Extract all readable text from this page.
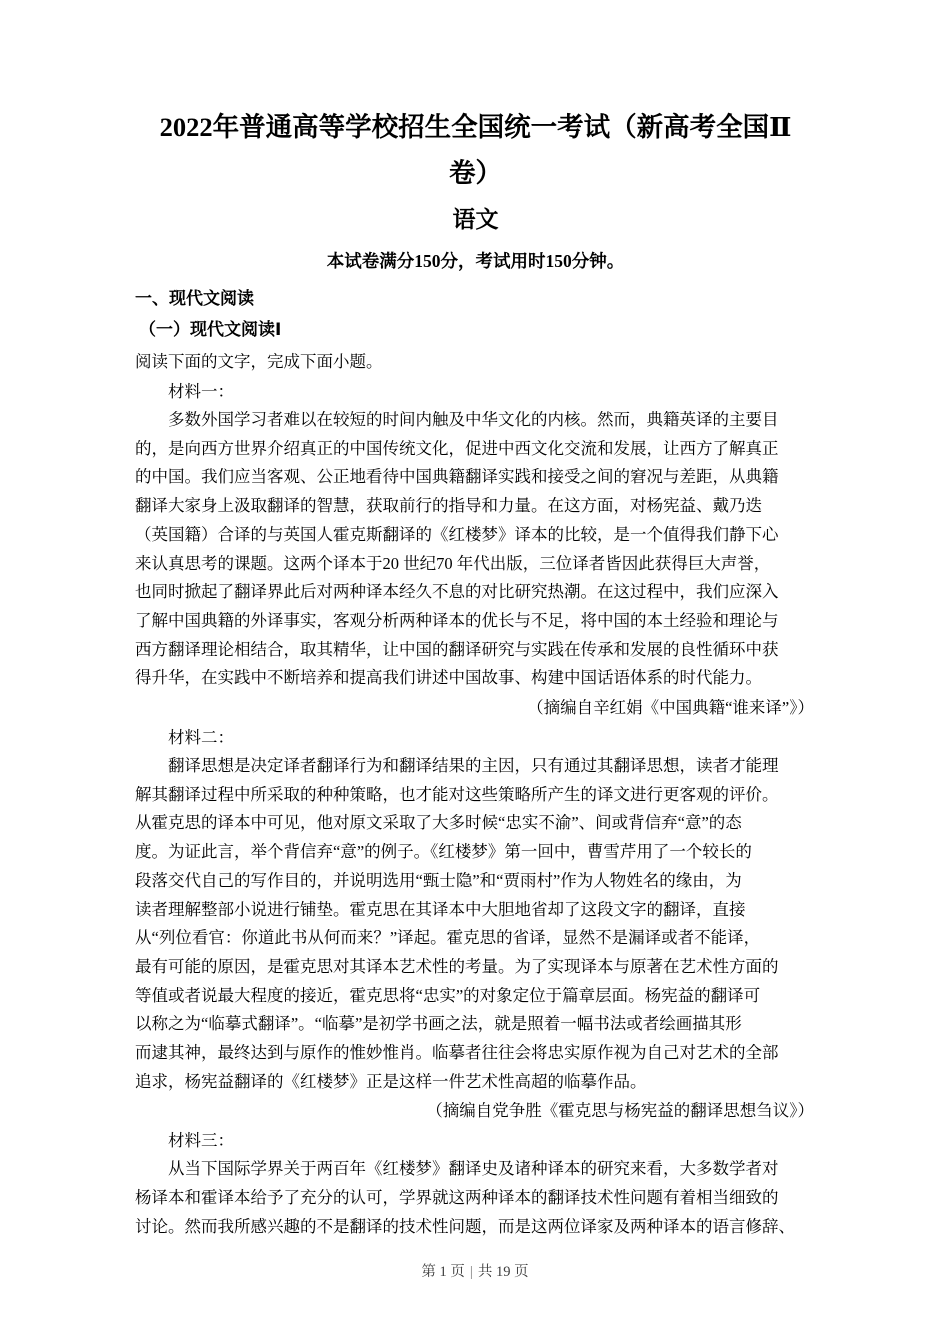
2022年普通高等学校招生全国统一考试（新高考全国Ⅱ卷）
语文

本试卷满分150分，考试用时150分钟。

一、现代文阅读
（一）现代文阅读Ⅰ

阅读下面的文字，完成下面小题。

材料一：

多数外国学习者难以在较短的时间内触及中华文化的内核。然而，典籍英译的主要目
的，是向西方世界介绍真正的中国传统文化，促进中西文化交流和发展，让西方了解真正
的中国。我们应当客观、公正地看待中国典籍翻译实践和接受之间的窘况与差距，从典籍
翻译大家身上汲取翻译的智慧，获取前行的指导和力量。在这方面，对杨宪益、戴乃迭
（英国籍）合译的与英国人霍克斯翻译的《红楼梦》译本的比较，是一个值得我们静下心
来认真思考的课题。这两个译本于20 世纪70 年代出版，三位译者皆因此获得巨大声誉，
也同时掀起了翻译界此后对两种译本经久不息的对比研究热潮。在这过程中，我们应深入
了解中国典籍的外译事实，客观分析两种译本的优长与不足，将中国的本土经验和理论与
西方翻译理论相结合，取其精华，让中国的翻译研究与实践在传承和发展的良性循环中获
得升华，在实践中不断培养和提高我们讲述中国故事、构建中国话语体系的时代能力。

（摘编自辛红娟《中国典籍“谁来译”》）

材料二：

翻译思想是决定译者翻译行为和翻译结果的主因，只有通过其翻译思想，读者才能理
解其翻译过程中所采取的种种策略，也才能对这些策略所产生的译文进行更客观的评价。
从霍克思的译本中可见，他对原文采取了大多时候“忠实不渝”、间或背信弃“意”的态
度。为证此言，举个背信弃“意”的例子。《红楼梦》第一回中，曹雪芹用了一个较长的
段落交代自己的写作目的，并说明选用“甄士隐”和“贾雨村”作为人物姓名的缘由，为
读者理解整部小说进行铺垫。霍克思在其译本中大胆地省却了这段文字的翻译，直接
从“列位看官：你道此书从何而来？”译起。霍克思的省译，显然不是漏译或者不能译，
最有可能的原因，是霍克思对其译本艺术性的考量。为了实现译本与原著在艺术性方面的
等值或者说最大程度的接近，霍克思将“忠实”的对象定位于篇章层面。杨宪益的翻译可
以称之为“临摹式翻译”。“临摹”是初学书画之法，就是照着一幅书法或者绘画描其形
而逮其神，最终达到与原作的惟妙惟肖。临摹者往往会将忠实原作视为自己对艺术的全部
追求，杨宪益翻译的《红楼梦》正是这样一件艺术性高超的临摹作品。

（摘编自党争胜《霍克思与杨宪益的翻译思想刍议》）

材料三：

从当下国际学界关于两百年《红楼梦》翻译史及诸种译本的研究来看，大多数学者对
杨译本和霍译本给予了充分的认可，学界就这两种译本的翻译技术性问题有着相当细致的
讨论。然而我所感兴趣的不是翻译的技术性问题，而是这两位译家及两种译本的语言修辞、
第 1 页 | 共 19 页
